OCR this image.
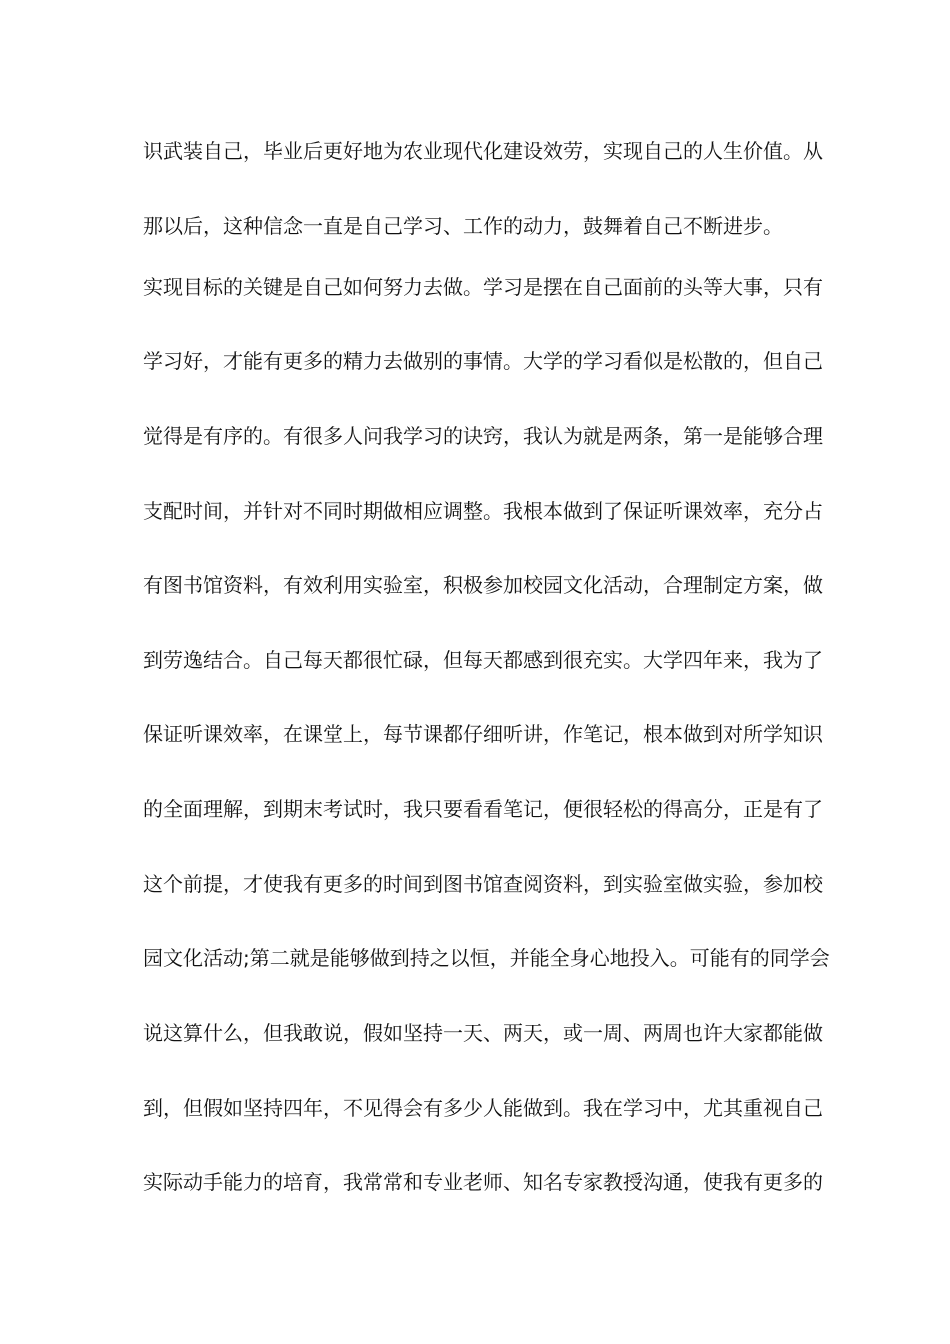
识武装自己，毕业后更好地为农业现代化建设效劳，实现自己的人生价值。从
那以后，这种信念一直是自己学习、工作的动力，鼓舞着自己不断进步。
实现目标的关键是自己如何努力去做。学习是摆在自己面前的头等大事，只有
学习好，才能有更多的精力去做别的事情。大学的学习看似是松散的，但自己
觉得是有序的。有很多人问我学习的诀窍，我认为就是两条，第一是能够合理
支配时间，并针对不同时期做相应调整。我根本做到了保证听课效率，充分占
有图书馆资料，有效利用实验室，积极参加校园文化活动，合理制定方案，做
到劳逸结合。自己每天都很忙碌，但每天都感到很充实。大学四年来，我为了
保证听课效率，在课堂上，每节课都仔细听讲，作笔记，根本做到对所学知识
的全面理解，到期末考试时，我只要看看笔记，便很轻松的得高分，正是有了
这个前提，才使我有更多的时间到图书馆查阅资料，到实验室做实验，参加校
园文化活动;第二就是能够做到持之以恒，并能全身心地投入。可能有的同学会
说这算什么，但我敢说，假如坚持一天、两天，或一周、两周也许大家都能做
到，但假如坚持四年，不见得会有多少人能做到。我在学习中，尤其重视自己
实际动手能力的培育，我常常和专业老师、知名专家教授沟通，使我有更多的
